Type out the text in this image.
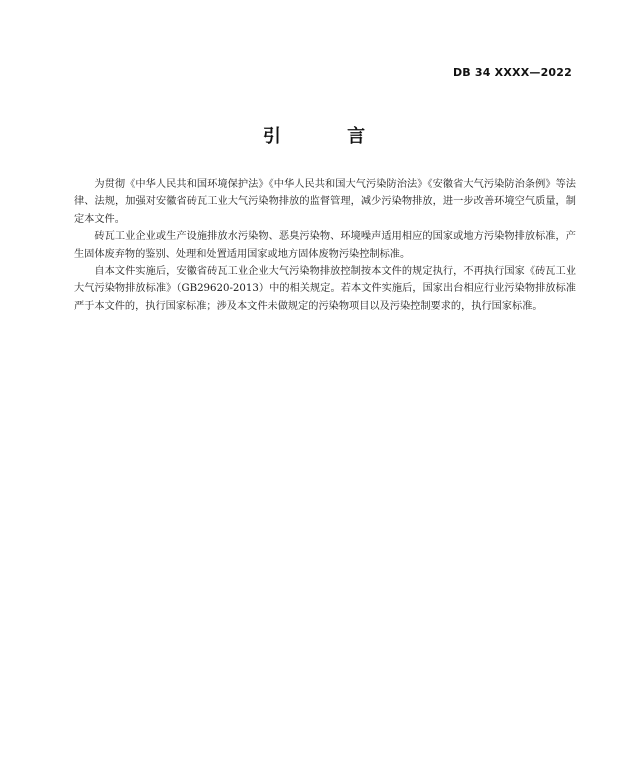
DB 34 XXXX—2022
引 言

为贯彻《中华人民共和国环境保护法》《中华人民共和国大气污染防治法》《安徽省大气污染防治条例》等法律、法规，加强对安徽省砖瓦工业大气污染物排放的监督管理，减少污染物排放，进一步改善环境空气质量，制定本文件。

砖瓦工业企业或生产设施排放水污染物、恶臭污染物、环境噪声适用相应的国家或地方污染物排放标准，产生固体废弃物的鉴别、处理和处置适用国家或地方固体废物污染控制标准。

自本文件实施后，安徽省砖瓦工业企业大气污染物排放控制按本文件的规定执行，不再执行国家《砖瓦工业大气污染物排放标准》（GB29620-2013）中的相关规定。若本文件实施后，国家出台相应行业污染物排放标准严于本文件的，执行国家标准；涉及本文件未做规定的污染物项目以及污染控制要求的，执行国家标准。
